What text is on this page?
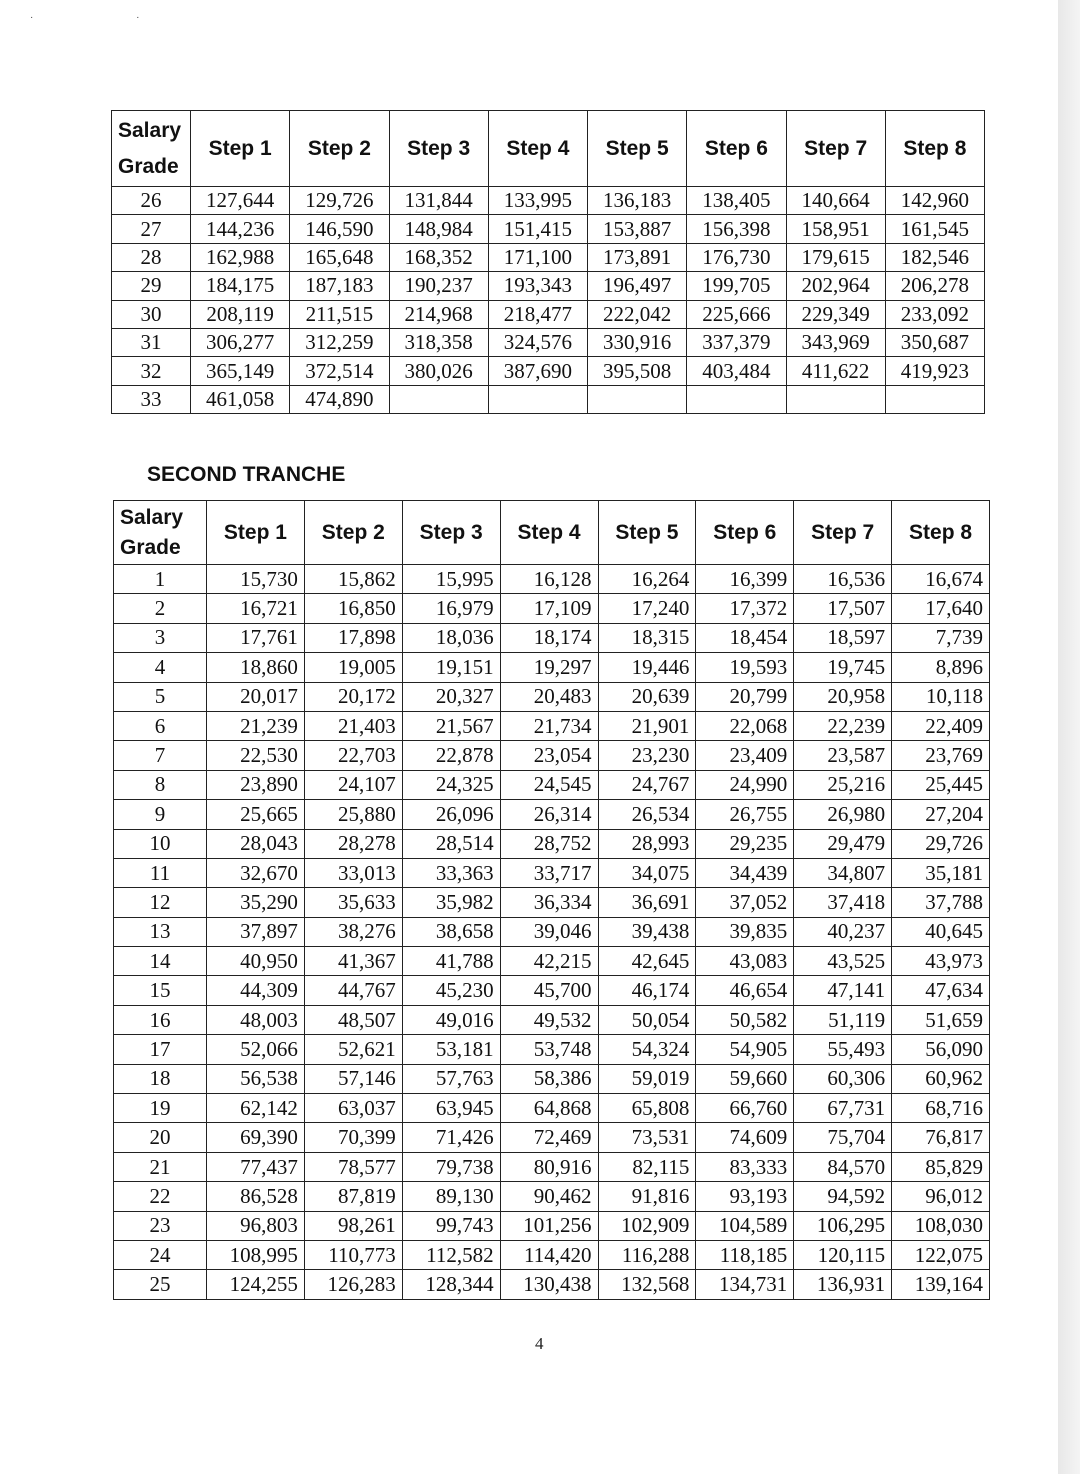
· ·
Salary
Grade	Step 1	Step 2	Step 3	Step 4	Step 5	Step 6	Step 7	Step 8
26	127,644	129,726	131,844	133,995	136,183	138,405	140,664	142,960
27	144,236	146,590	148,984	151,415	153,887	156,398	158,951	161,545
28	162,988	165,648	168,352	171,100	173,891	176,730	179,615	182,546
29	184,175	187,183	190,237	193,343	196,497	199,705	202,964	206,278
30	208,119	211,515	214,968	218,477	222,042	225,666	229,349	233,092
31	306,277	312,259	318,358	324,576	330,916	337,379	343,969	350,687
32	365,149	372,514	380,026	387,690	395,508	403,484	411,622	419,923
33	461,058	474,890						
SECOND TRANCHE
Salary
Grade	Step 1	Step 2	Step 3	Step 4	Step 5	Step 6	Step 7	Step 8
1	15,730	15,862	15,995	16,128	16,264	16,399	16,536	16,674
2	16,721	16,850	16,979	17,109	17,240	17,372	17,507	17,640
3	17,761	17,898	18,036	18,174	18,315	18,454	18,597	7,739
4	18,860	19,005	19,151	19,297	19,446	19,593	19,745	8,896
5	20,017	20,172	20,327	20,483	20,639	20,799	20,958	10,118
6	21,239	21,403	21,567	21,734	21,901	22,068	22,239	22,409
7	22,530	22,703	22,878	23,054	23,230	23,409	23,587	23,769
8	23,890	24,107	24,325	24,545	24,767	24,990	25,216	25,445
9	25,665	25,880	26,096	26,314	26,534	26,755	26,980	27,204
10	28,043	28,278	28,514	28,752	28,993	29,235	29,479	29,726
11	32,670	33,013	33,363	33,717	34,075	34,439	34,807	35,181
12	35,290	35,633	35,982	36,334	36,691	37,052	37,418	37,788
13	37,897	38,276	38,658	39,046	39,438	39,835	40,237	40,645
14	40,950	41,367	41,788	42,215	42,645	43,083	43,525	43,973
15	44,309	44,767	45,230	45,700	46,174	46,654	47,141	47,634
16	48,003	48,507	49,016	49,532	50,054	50,582	51,119	51,659
17	52,066	52,621	53,181	53,748	54,324	54,905	55,493	56,090
18	56,538	57,146	57,763	58,386	59,019	59,660	60,306	60,962
19	62,142	63,037	63,945	64,868	65,808	66,760	67,731	68,716
20	69,390	70,399	71,426	72,469	73,531	74,609	75,704	76,817
21	77,437	78,577	79,738	80,916	82,115	83,333	84,570	85,829
22	86,528	87,819	89,130	90,462	91,816	93,193	94,592	96,012
23	96,803	98,261	99,743	101,256	102,909	104,589	106,295	108,030
24	108,995	110,773	112,582	114,420	116,288	118,185	120,115	122,075
25	124,255	126,283	128,344	130,438	132,568	134,731	136,931	139,164
4
